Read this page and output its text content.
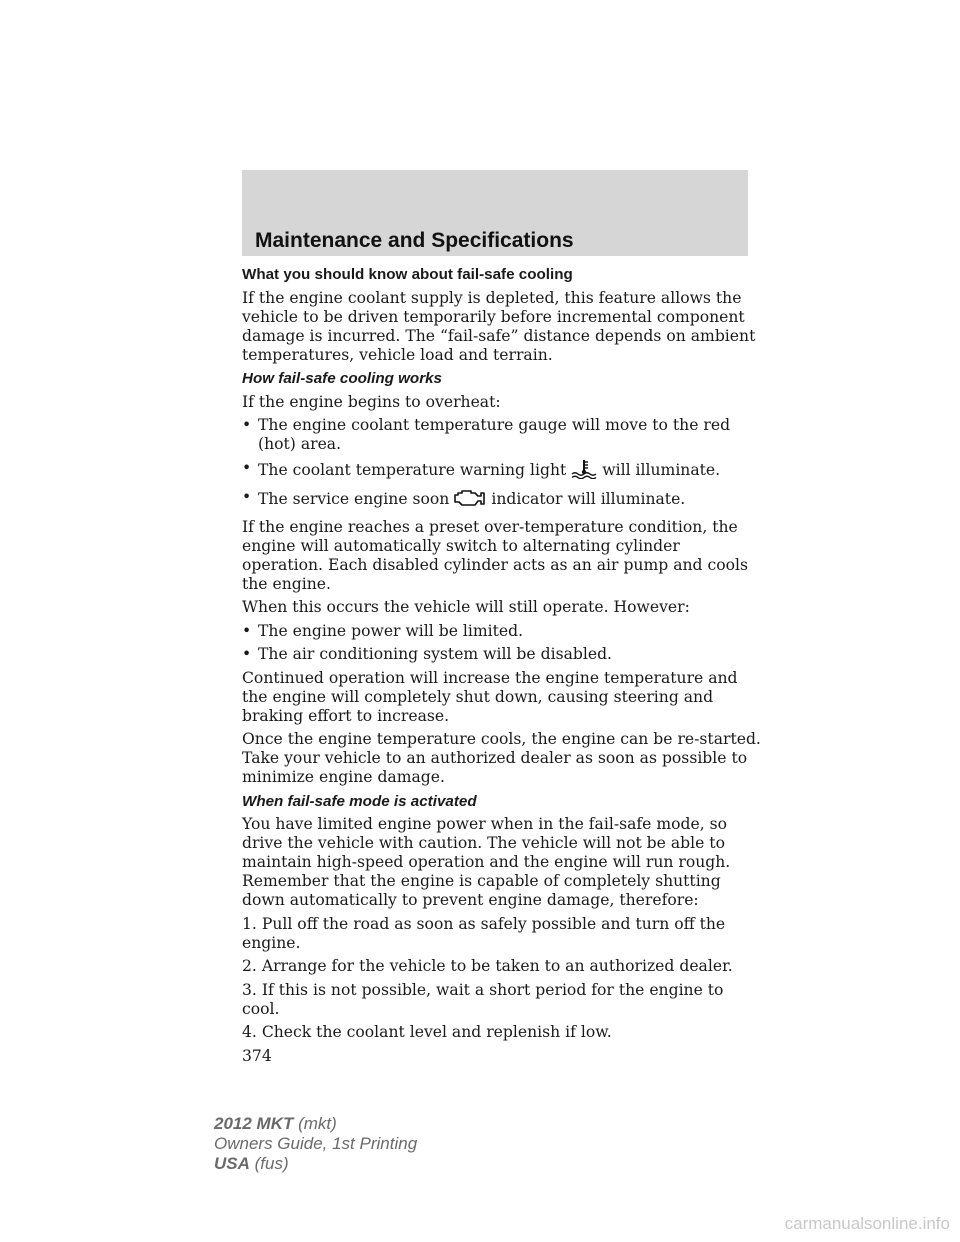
Maintenance and Specifications

What you should know about fail-safe cooling

If the engine coolant supply is depleted, this feature allows the vehicle to be driven temporarily before incremental component damage is incurred. The “fail-safe” distance depends on ambient temperatures, vehicle load and terrain.

How fail-safe cooling works

If the engine begins to overheat:

• The engine coolant temperature gauge will move to the red (hot) area.
• The coolant temperature warning light will illuminate.
• The service engine soon	indicator will illuminate.

If the engine reaches a preset over-temperature condition, the engine will automatically switch to alternating cylinder operation. Each disabled cylinder acts as an air pump and cools the engine.

When this occurs the vehicle will still operate. However:

• The engine power will be limited.
• The air conditioning system will be disabled.

Continued operation will increase the engine temperature and the engine will completely shut down, causing steering and braking effort to increase.

Once the engine temperature cools, the engine can be re-started. Take your vehicle to an authorized dealer as soon as possible to minimize engine damage.

When fail-safe mode is activated

You have limited engine power when in the fail-safe mode, so drive the vehicle with caution. The vehicle will not be able to maintain high-speed operation and the engine will run rough. Remember that the engine is capable of completely shutting down automatically to prevent engine damage, therefore:

1. Pull off the road as soon as safely possible and turn off the engine.

2. Arrange for the vehicle to be taken to an authorized dealer.

3. If this is not possible, wait a short period for the engine to cool.

4. Check the coolant level and replenish if low.

374
2012 MKT (mkt)
Owners Guide, 1st Printing
USA (fus)
carmanualsonline.info
